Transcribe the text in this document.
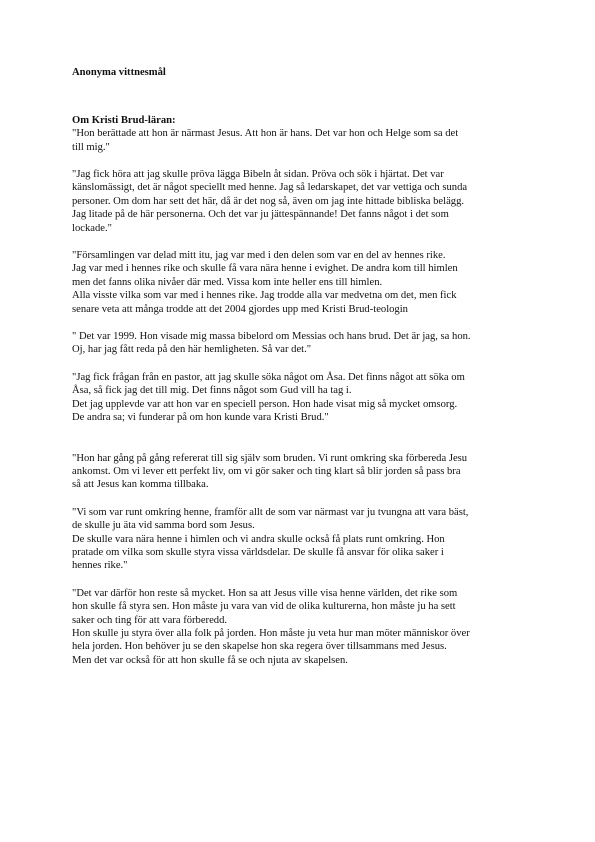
Anonyma vittnesmål
Om Kristi Brud-läran:
"Hon berättade att hon är närmast Jesus. Att hon är hans. Det var hon och Helge som sa det
till mig."
"Jag fick höra att jag skulle pröva lägga Bibeln åt sidan. Pröva och sök i hjärtat. Det var
känslomässigt, det är något speciellt med henne. Jag så ledarskapet, det var vettiga och sunda
personer. Om dom har sett det här, då är det nog så, även om jag inte hittade bibliska belägg.
Jag litade på de här personerna. Och det var ju jättespännande! Det fanns något i det som
lockade."
"Församlingen var delad mitt itu, jag var med i den delen som var en del av hennes rike.
Jag var med i hennes rike och skulle få vara nära henne i evighet. De andra kom till himlen
men det fanns olika nivåer där med. Vissa kom inte heller ens till himlen.
Alla visste vilka som var med i hennes rike. Jag trodde alla var medvetna om det, men fick
senare veta att många trodde att det 2004 gjordes upp med Kristi Brud-teologin
" Det var 1999. Hon visade mig massa bibelord om Messias och hans brud. Det är jag, sa hon.
Oj, har jag fått reda på den här hemligheten. Så var det."
"Jag fick frågan från en pastor, att jag skulle söka något om Åsa. Det finns något att söka om
Åsa, så fick jag det till mig. Det finns något som Gud vill ha tag i.
Det jag upplevde var att hon var en speciell person. Hon hade visat mig så mycket omsorg.
De andra sa; vi funderar på om hon kunde vara Kristi Brud."
"Hon har gång på gång refererat till sig själv som bruden. Vi runt omkring ska förbereda Jesu
ankomst. Om vi lever ett perfekt liv, om vi gör saker och ting klart så blir jorden så pass bra
så att Jesus kan komma tillbaka.
"Vi som var runt omkring henne, framför allt de som var närmast var ju tvungna att vara bäst,
de skulle ju äta vid samma bord som Jesus.
De skulle vara nära henne i himlen och vi andra skulle också få plats runt omkring. Hon
pratade om vilka som skulle styra vissa världsdelar. De skulle få ansvar för olika saker i
hennes rike."
"Det var därför hon reste så mycket. Hon sa att Jesus ville visa henne världen, det rike som
hon skulle få styra sen. Hon måste ju vara van vid de olika kulturerna, hon måste ju ha sett
saker och ting för att vara förberedd.
Hon skulle ju styra över alla folk på jorden. Hon måste ju veta hur man möter människor över
hela jorden. Hon behöver ju se den skapelse hon ska regera över tillsammans med Jesus.
Men det var också för att hon skulle få se och njuta av skapelsen.
